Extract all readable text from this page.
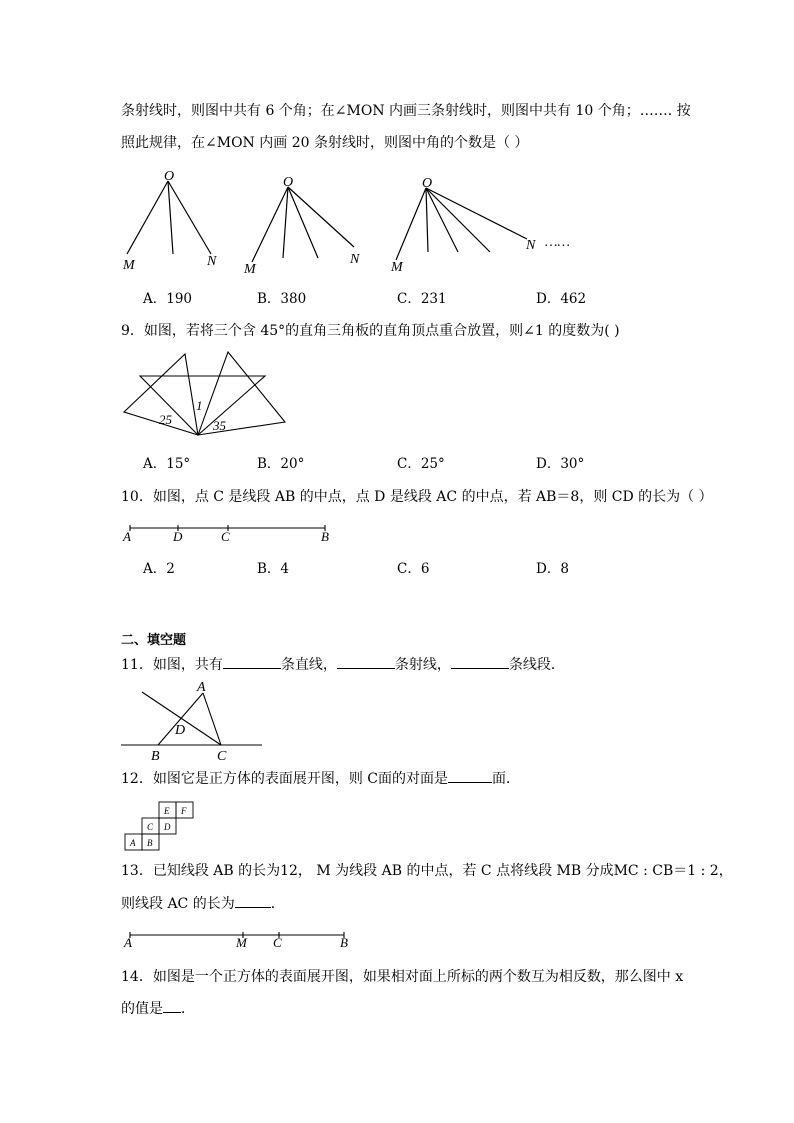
条射线时，则图中共有 6 个角；在∠MON 内画三条射线时，则图中共有 10 个角；……. 按
照此规律，在∠MON 内画 20 条射线时，则图中角的个数是（ ）
O
M	N
O
M
N
O
M
N ……
A．190	B．380	C．231	D．462
9．如图，若将三个含 45°的直角三角板的直角顶点重合放置，则∠1 的度数为( )
1
25	35
A．15°	B．20°	C．25°	D．30°
10．如图，点 C 是线段 AB 的中点，点 D 是线段 AC 的中点，若 AB＝8，则 CD 的长为（ ）
A	D	C	B
A．2	B．4	C．6	D．8
二、填空题
11．如图，共有	条直线，	条射线，	条线段．
A
D
B	C
12．如图它是正方体的表面展开图，则 C面的对面是	面．
E F
C D
A B
13．已知线段 AB 的长为12， M 为线段 AB 的中点，若 C 点将线段 MB 分成MC : CB＝1 : 2，
则线段 AC 的长为	．
A	M C	B
14．如图是一个正方体的表面展开图，如果相对面上所标的两个数互为相反数，那么图中 x
的值是 ．
